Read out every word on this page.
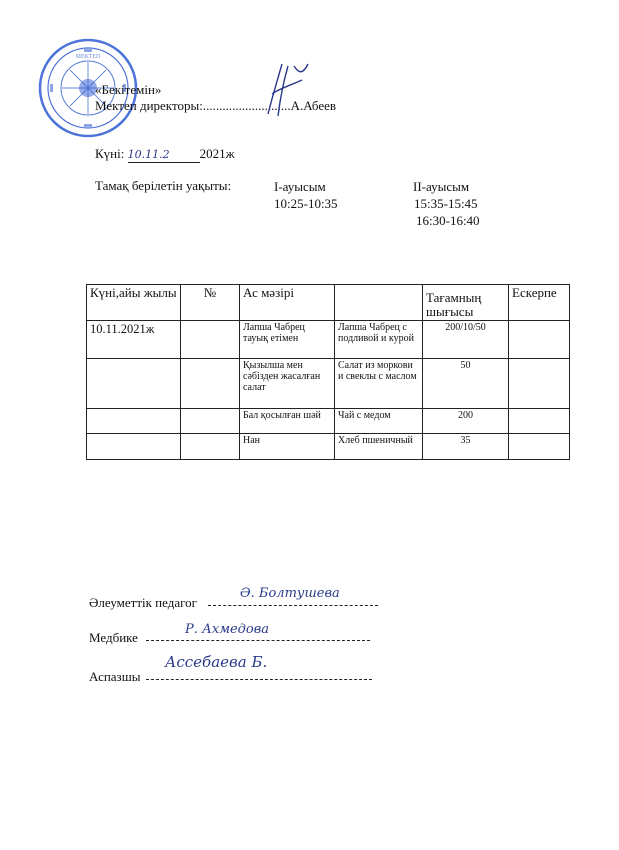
МЕКТЕП
«Бекітемін»
Мектеп директоры:...........................А.Абеев
Күні: 10.11.2 2021ж
Тамақ берілетін уақыты:	І-ауысым
10:25-10:35
ІІ-ауысым
15:35-15:45
16:30-16:40
Күні,айы жылы	№	Ас мәзірі		Тағамның шығысы	Ескерпе
10.11.2021ж		Лапша Чабрец тауық етімен	Лапша Чабрец с подливой и курой	200/10/50	
		Қызылша мен сәбізден жасалған салат	Салат из моркови и свеклы с маслом	50	
		Бал қосылған шәй	Чай с медом	200	
		Нан	Хлеб пшеничный	35	
Әлеуметтік педагог
Ә. Болтушева
Медбике
Р. Ахмедова
Аспазшы
Ассебаева Б.
